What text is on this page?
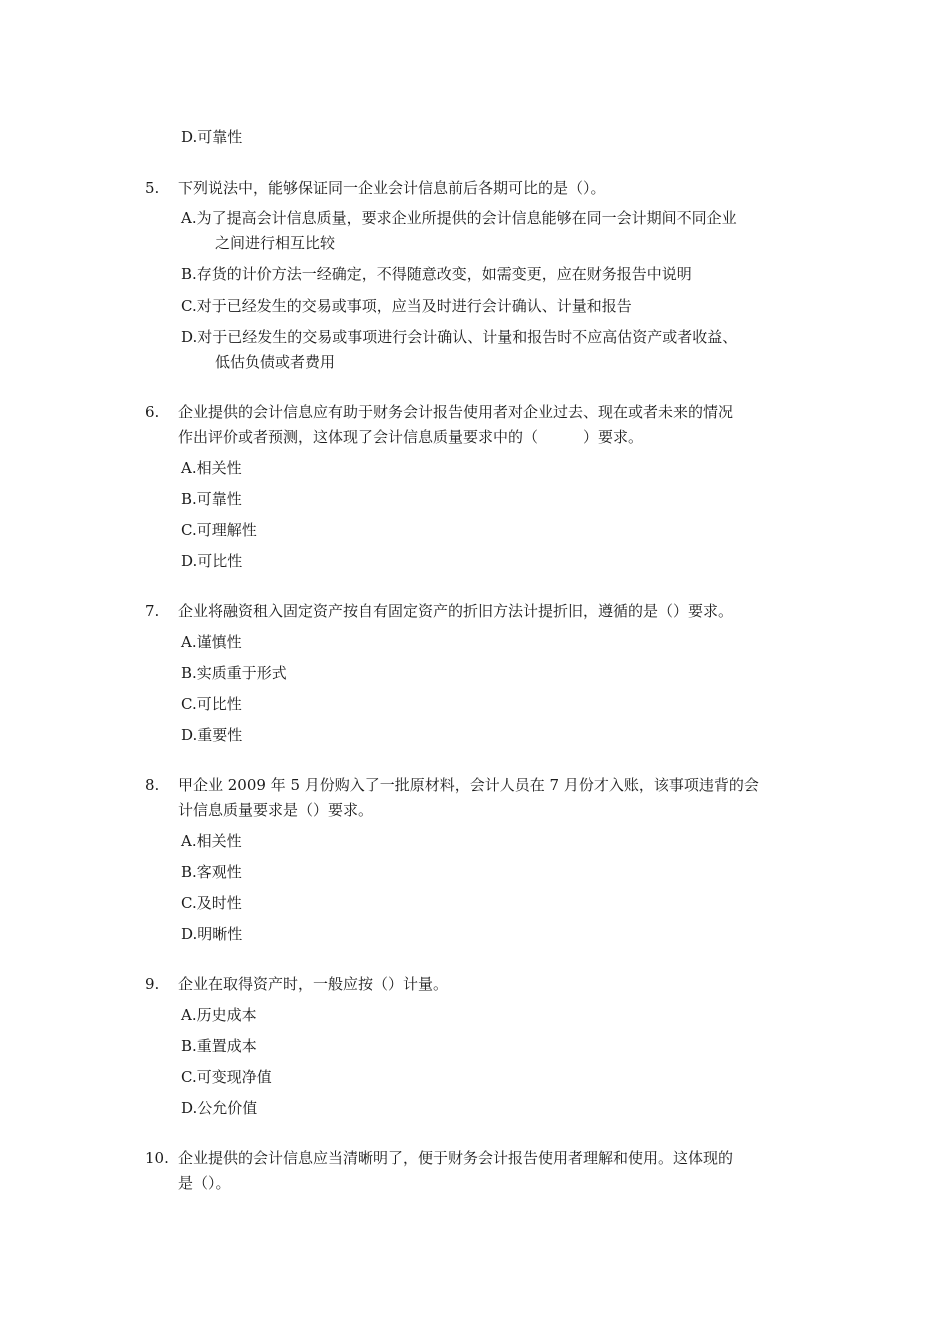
D.可靠性
5. 下列说法中，能够保证同一企业会计信息前后各期可比的是（）。
A.为了提高会计信息质量，要求企业所提供的会计信息能够在同一会计期间不同企业
之间进行相互比较
B.存货的计价方法一经确定，不得随意改变，如需变更，应在财务报告中说明
C.对于已经发生的交易或事项，应当及时进行会计确认、计量和报告
D.对于已经发生的交易或事项进行会计确认、计量和报告时不应高估资产或者收益、
低估负债或者费用
6. 企业提供的会计信息应有助于财务会计报告使用者对企业过去、现在或者未来的情况
作出评价或者预测，这体现了会计信息质量要求中的（　　　）要求。
A.相关性
B.可靠性
C.可理解性
D.可比性
7. 企业将融资租入固定资产按自有固定资产的折旧方法计提折旧，遵循的是（）要求。
A.谨慎性
B.实质重于形式
C.可比性
D.重要性
8. 甲企业 2009 年 5 月份购入了一批原材料，会计人员在 7 月份才入账，该事项违背的会
计信息质量要求是（）要求。
A.相关性
B.客观性
C.及时性
D.明晰性
9. 企业在取得资产时，一般应按（）计量。
A.历史成本
B.重置成本
C.可变现净值
D.公允价值
10. 企业提供的会计信息应当清晰明了，便于财务会计报告使用者理解和使用。这体现的
是（）。
